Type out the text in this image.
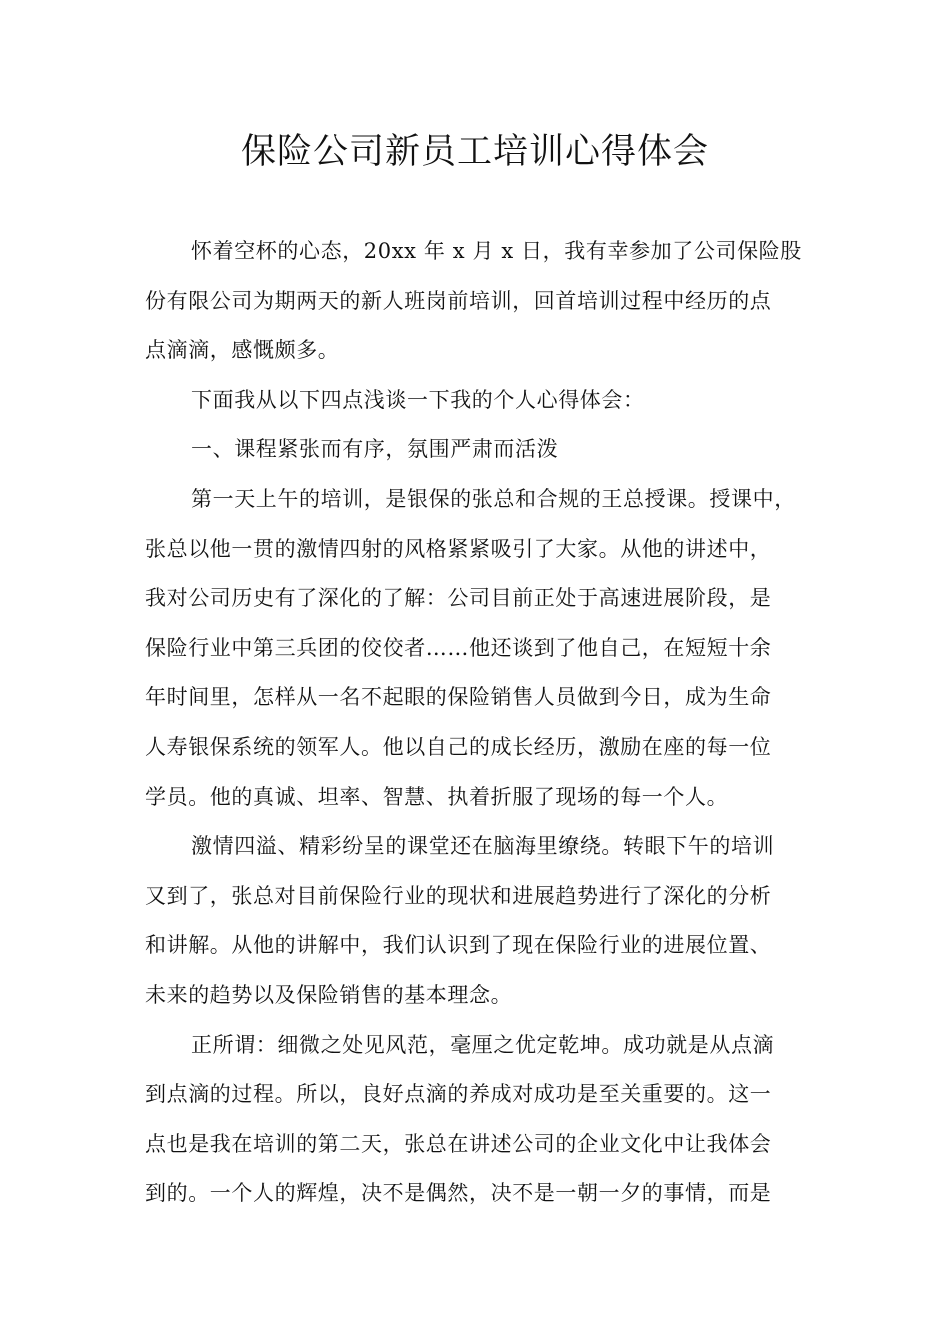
保险公司新员工培训心得体会
怀着空杯的心态，20xx 年 x 月 x 日，我有幸参加了公司保险股
份有限公司为期两天的新人班岗前培训，回首培训过程中经历的点
点滴滴，感慨颇多。
下面我从以下四点浅谈一下我的个人心得体会：
一、课程紧张而有序，氛围严肃而活泼
第一天上午的培训，是银保的张总和合规的王总授课。授课中，
张总以他一贯的激情四射的风格紧紧吸引了大家。从他的讲述中，
我对公司历史有了深化的了解：公司目前正处于高速进展阶段，是
保险行业中第三兵团的佼佼者……他还谈到了他自己，在短短十余
年时间里，怎样从一名不起眼的保险销售人员做到今日，成为生命
人寿银保系统的领军人。他以自己的成长经历，激励在座的每一位
学员。他的真诚、坦率、智慧、执着折服了现场的每一个人。
激情四溢、精彩纷呈的课堂还在脑海里缭绕。转眼下午的培训
又到了，张总对目前保险行业的现状和进展趋势进行了深化的分析
和讲解。从他的讲解中，我们认识到了现在保险行业的进展位置、
未来的趋势以及保险销售的基本理念。
正所谓：细微之处见风范，毫厘之优定乾坤。成功就是从点滴
到点滴的过程。所以，良好点滴的养成对成功是至关重要的。这一
点也是我在培训的第二天，张总在讲述公司的企业文化中让我体会
到的。一个人的辉煌，决不是偶然，决不是一朝一夕的事情，而是
